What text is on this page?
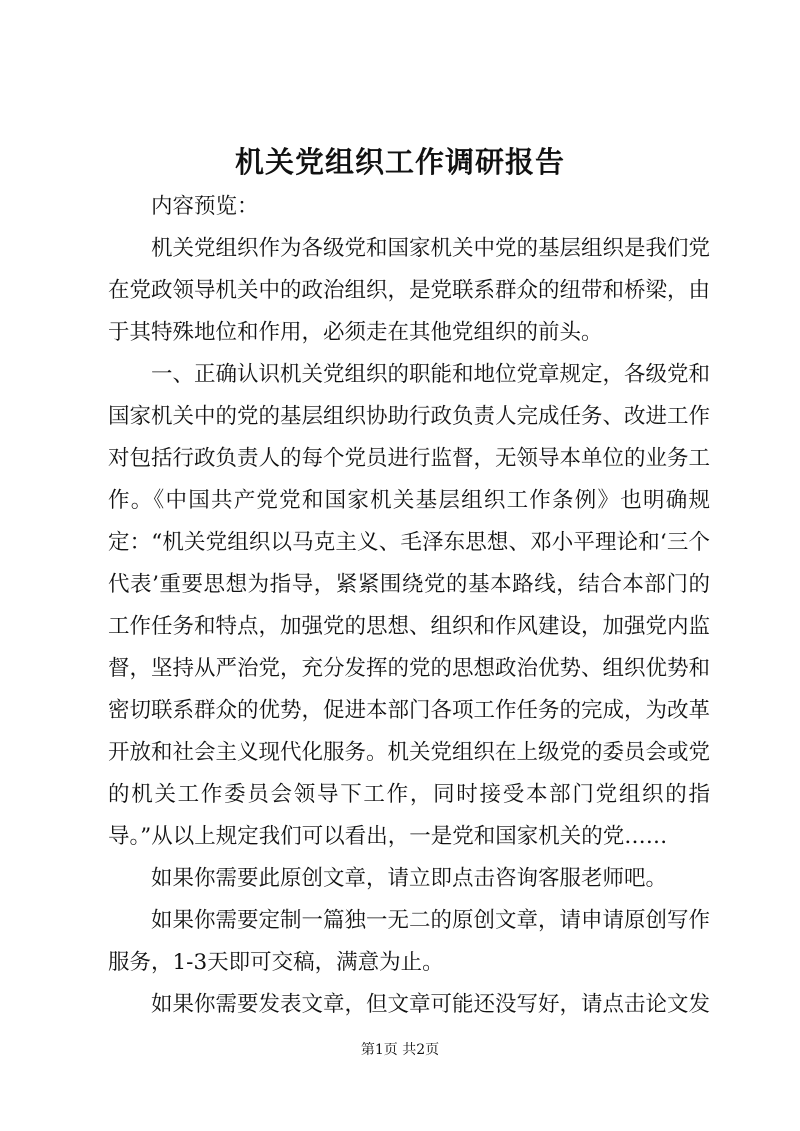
机关党组织工作调研报告

内容预览：

机关党组织作为各级党和国家机关中党的基层组织是我们党在党政领导机关中的政治组织，是党联系群众的纽带和桥梁，由于其特殊地位和作用，必须走在其他党组织的前头。

一、正确认识机关党组织的职能和地位党章规定，各级党和国家机关中的党的基层组织协助行政负责人完成任务、改进工作对包括行政负责人的每个党员进行监督，无领导本单位的业务工作。《中国共产党党和国家机关基层组织工作条例》也明确规定：“机关党组织以马克主义、毛泽东思想、邓小平理论和‘三个代表’重要思想为指导，紧紧围绕党的基本路线，结合本部门的工作任务和特点，加强党的思想、组织和作风建设，加强党内监督，坚持从严治党，充分发挥的党的思想政治优势、组织优势和密切联系群众的优势，促进本部门各项工作任务的完成，为改革开放和社会主义现代化服务。机关党组织在上级党的委员会或党的机关工作委员会领导下工作，同时接受本部门党组织的指导。”从以上规定我们可以看出，一是党和国家机关的党……

如果你需要此原创文章，请立即点击咨询客服老师吧。

如果你需要定制一篇独一无二的原创文章，请申请原创写作服务，1-3天即可交稿，满意为止。

如果你需要发表文章，但文章可能还没写好，请点击论文发

第1页 共2页
